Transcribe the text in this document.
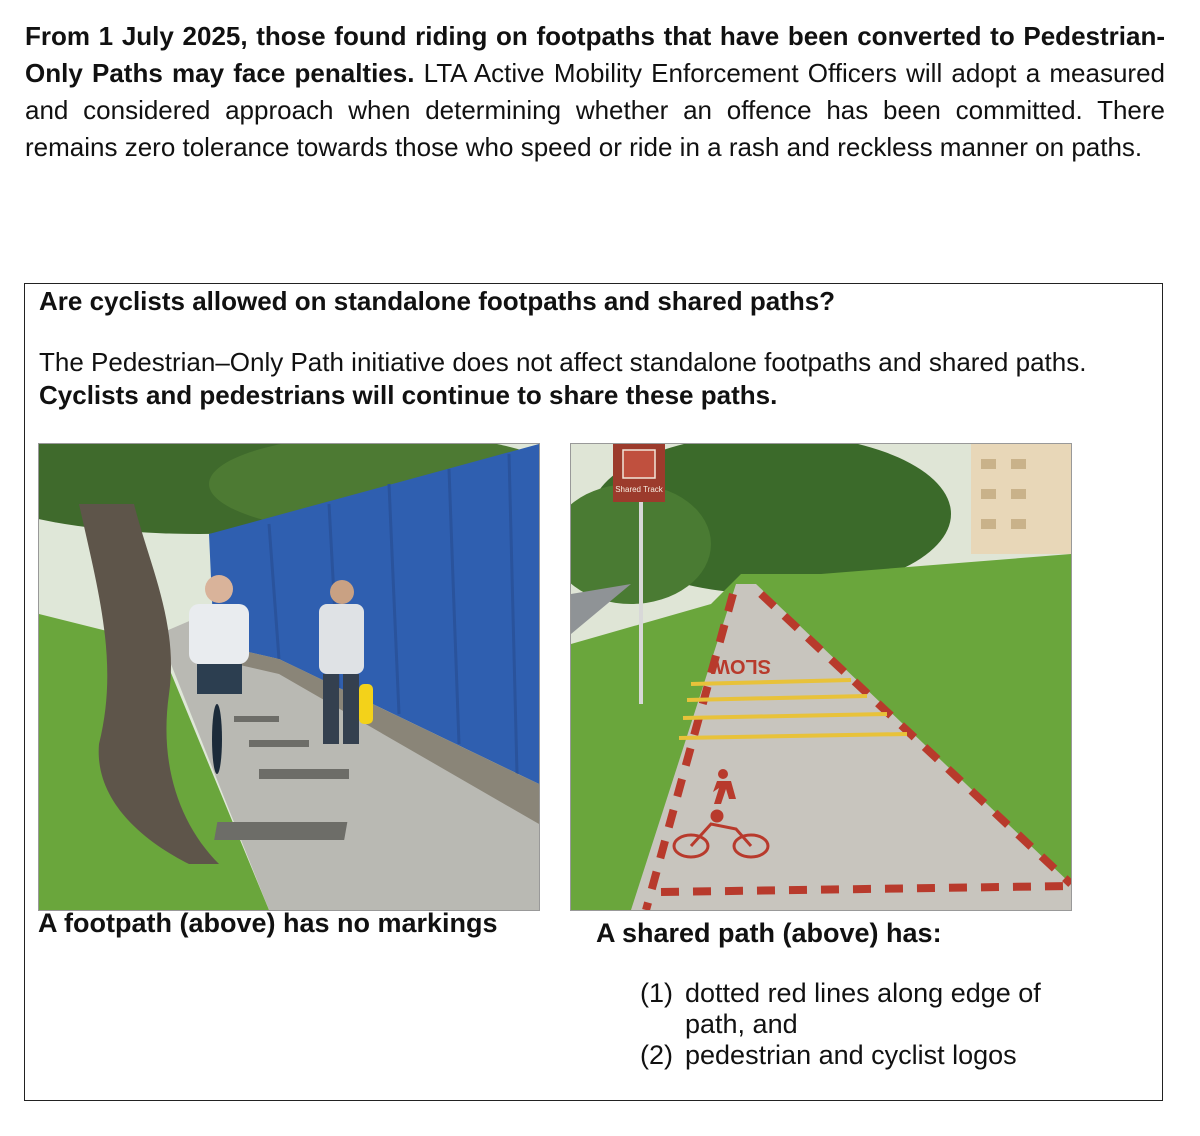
From 1 July 2025, those found riding on footpaths that have been converted to Pedestrian-Only Paths may face penalties. LTA Active Mobility Enforcement Officers will adopt a measured and considered approach when determining whether an offence has been committed. There remains zero tolerance towards those who speed or ride in a rash and reckless manner on paths.

Are cyclists allowed on standalone footpaths and shared paths?

The Pedestrian–Only Path initiative does not affect standalone footpaths and shared paths.
Cyclists and pedestrians will continue to share these paths.

A footpath (above) has no markings

SLOW
Shared Track

A shared path (above) has:

(1) dotted red lines along edge of path, and
(2) pedestrian and cyclist logos
